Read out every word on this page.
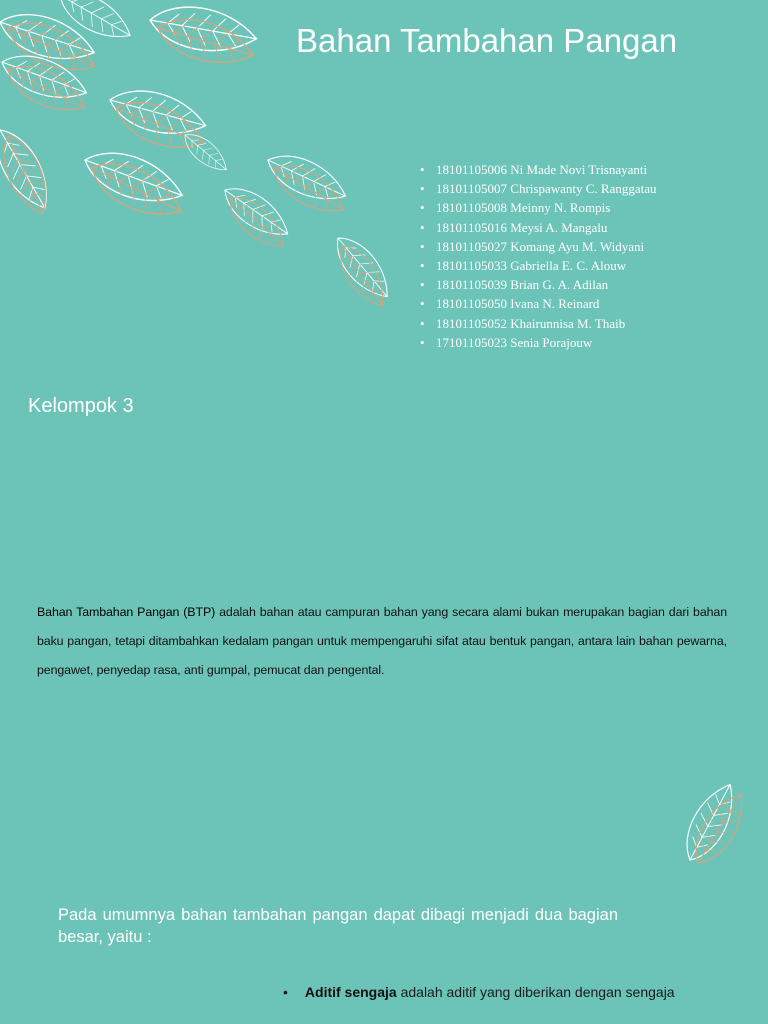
Bahan Tambahan Pangan
• 18101105006 Ni Made Novi Trisnayanti
• 18101105007 Chrispawanty C. Ranggatau
• 18101105008 Meinny N. Rompis
• 18101105016 Meysi A. Mangalu
• 18101105027 Komang Ayu M. Widyani
• 18101105033 Gabriella E. C. Alouw
• 18101105039 Brian G. A. Adilan
• 18101105050 Ivana N. Reinard
• 18101105052 Khairunnisa M. Thaib
• 17101105023 Senia Porajouw
Kelompok 3
Bahan Tambahan Pangan (BTP) adalah bahan atau campuran bahan yang secara alami bukan merupakan bagian dari bahan baku pangan, tetapi ditambahkan kedalam pangan untuk mempengaruhi sifat atau bentuk pangan, antara lain bahan pewarna, pengawet, penyedap rasa, anti gumpal, pemucat dan pengental.
Pada umumnya bahan tambahan pangan dapat dibagi menjadi dua bagian besar, yaitu :
• Aditif sengaja adalah aditif yang diberikan dengan sengaja
